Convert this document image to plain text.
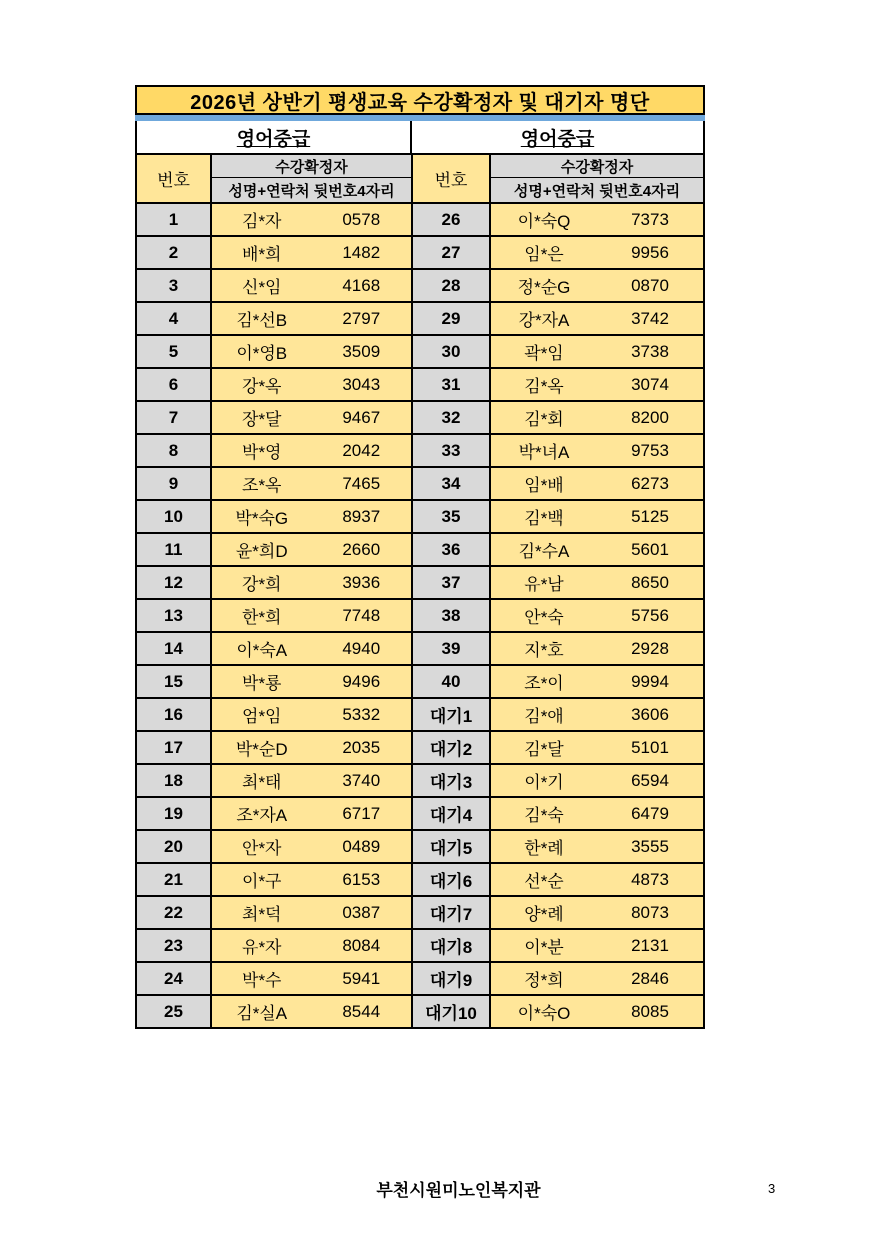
2026년 상반기 평생교육 수강확정자 및 대기자 명단
영어중급	영어중급
번호
수강확정자
성명+연락처 뒷번호4자리
번호
수강확정자
성명+연락처 뒷번호4자리
1	김*자	0578	26	이*숙Q	7373
2	배*희	1482	27	임*은	9956
3	신*임	4168	28	정*순G	0870
4	김*선B	2797	29	강*자A	3742
5	이*영B	3509	30	곽*임	3738
6	강*옥	3043	31	김*옥	3074
7	장*달	9467	32	김*회	8200
8	박*영	2042	33	박*녀A	9753
9	조*옥	7465	34	임*배	6273
10	박*숙G	8937	35	김*백	5125
11	윤*희D	2660	36	김*수A	5601
12	강*희	3936	37	유*남	8650
13	한*희	7748	38	안*숙	5756
14	이*숙A	4940	39	지*호	2928
15	박*룡	9496	40	조*이	9994
16	엄*임	5332	대기1	김*애	3606
17	박*순D	2035	대기2	김*달	5101
18	최*태	3740	대기3	이*기	6594
19	조*자A	6717	대기4	김*숙	6479
20	안*자	0489	대기5	한*례	3555
21	이*구	6153	대기6	선*순	4873
22	최*덕	0387	대기7	양*례	8073
23	유*자	8084	대기8	이*분	2131
24	박*수	5941	대기9	정*희	2846
25	김*실A	8544	대기10	이*숙O	8085
부천시원미노인복지관	3
